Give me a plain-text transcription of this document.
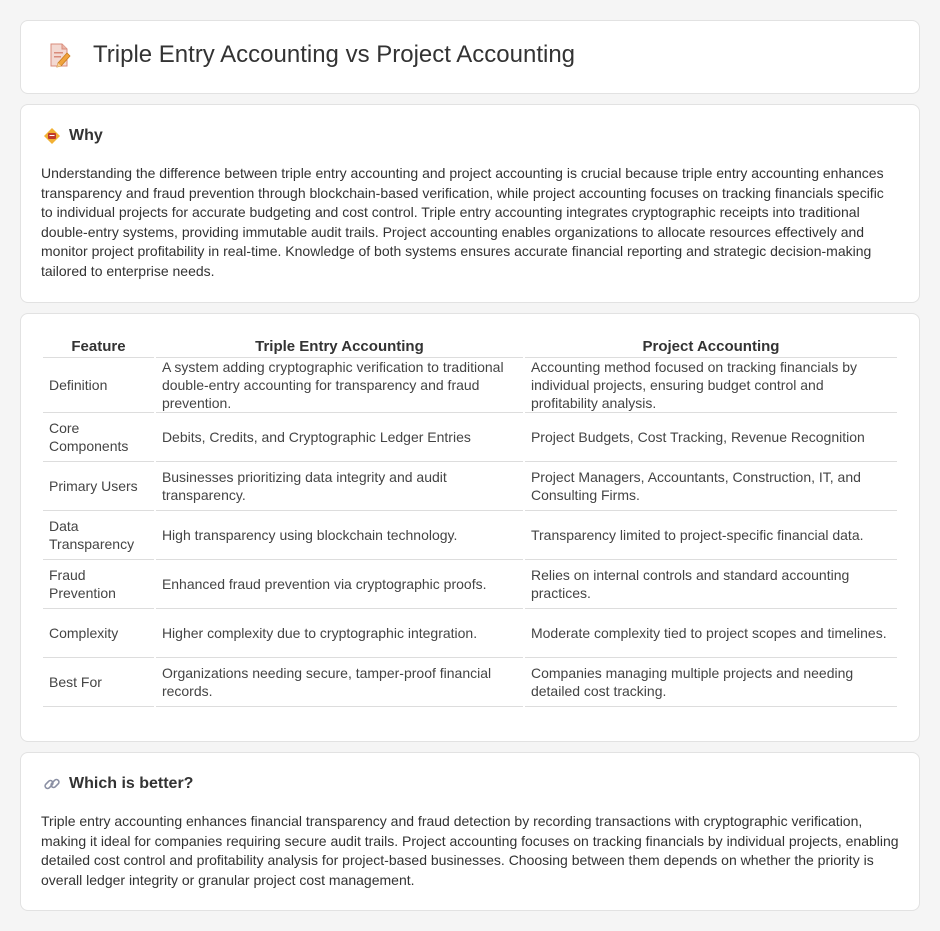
Triple Entry Accounting vs Project Accounting
Why

Understanding the difference between triple entry accounting and project accounting is crucial because triple entry accounting enhances transparency and fraud prevention through blockchain-based verification, while project accounting focuses on tracking financials specific to individual projects for accurate budgeting and cost control. Triple entry accounting integrates cryptographic receipts into traditional double-entry systems, providing immutable audit trails. Project accounting enables organizations to allocate resources effectively and monitor project profitability in real-time. Knowledge of both systems ensures accurate financial reporting and strategic decision-making tailored to enterprise needs.

Feature	Triple Entry Accounting	Project Accounting
Definition	A system adding cryptographic verification to traditional double-entry accounting for transparency and fraud prevention.	Accounting method focused on tracking financials by individual projects, ensuring budget control and profitability analysis.
Core Components	Debits, Credits, and Cryptographic Ledger Entries	Project Budgets, Cost Tracking, Revenue Recognition
Primary Users	Businesses prioritizing data integrity and audit transparency.	Project Managers, Accountants, Construction, IT, and Consulting Firms.
Data Transparency	High transparency using blockchain technology.	Transparency limited to project-specific financial data.
Fraud Prevention	Enhanced fraud prevention via cryptographic proofs.	Relies on internal controls and standard accounting practices.
Complexity	Higher complexity due to cryptographic integration.	Moderate complexity tied to project scopes and timelines.
Best For	Organizations needing secure, tamper-proof financial records.	Companies managing multiple projects and needing detailed cost tracking.
Which is better?

Triple entry accounting enhances financial transparency and fraud detection by recording transactions with cryptographic verification, making it ideal for companies requiring secure audit trails. Project accounting focuses on tracking financials by individual projects, enabling detailed cost control and profitability analysis for project-based businesses. Choosing between them depends on whether the priority is overall ledger integrity or granular project cost management.
